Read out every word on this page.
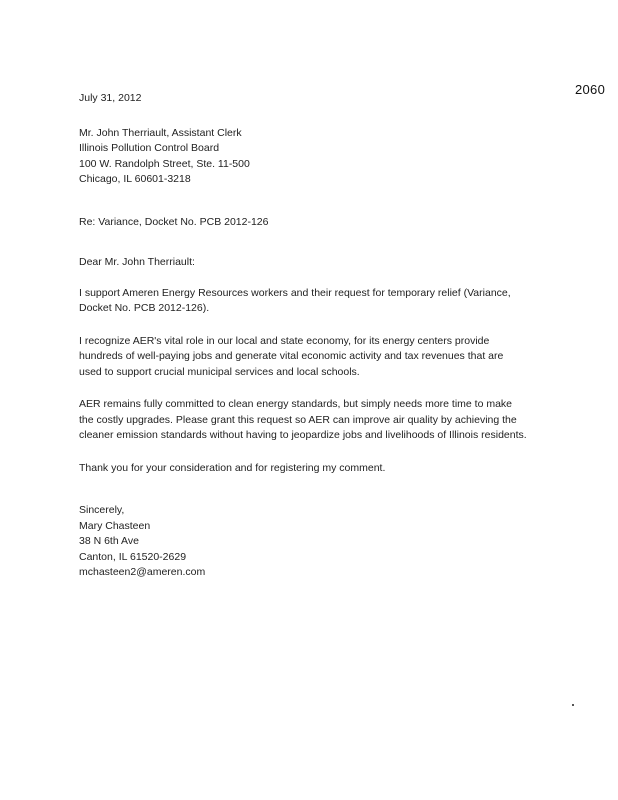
2060
July 31, 2012
Mr. John Therriault, Assistant Clerk
Illinois Pollution Control Board
100 W. Randolph Street, Ste. 11-500
Chicago, IL 60601-3218
Re: Variance, Docket No. PCB 2012-126
Dear Mr. John Therriault:
I support Ameren Energy Resources workers and their request for temporary relief (Variance,
Docket No. PCB 2012-126).
I recognize AER's vital role in our local and state economy, for its energy centers provide
hundreds of well-paying jobs and generate vital economic activity and tax revenues that are
used to support crucial municipal services and local schools.
AER remains fully committed to clean energy standards, but simply needs more time to make
the costly upgrades. Please grant this request so AER can improve air quality by achieving the
cleaner emission standards without having to jeopardize jobs and livelihoods of Illinois residents.
Thank you for your consideration and for registering my comment.
Sincerely,
Mary Chasteen
38 N 6th Ave
Canton, IL 61520-2629
mchasteen2@ameren.com
